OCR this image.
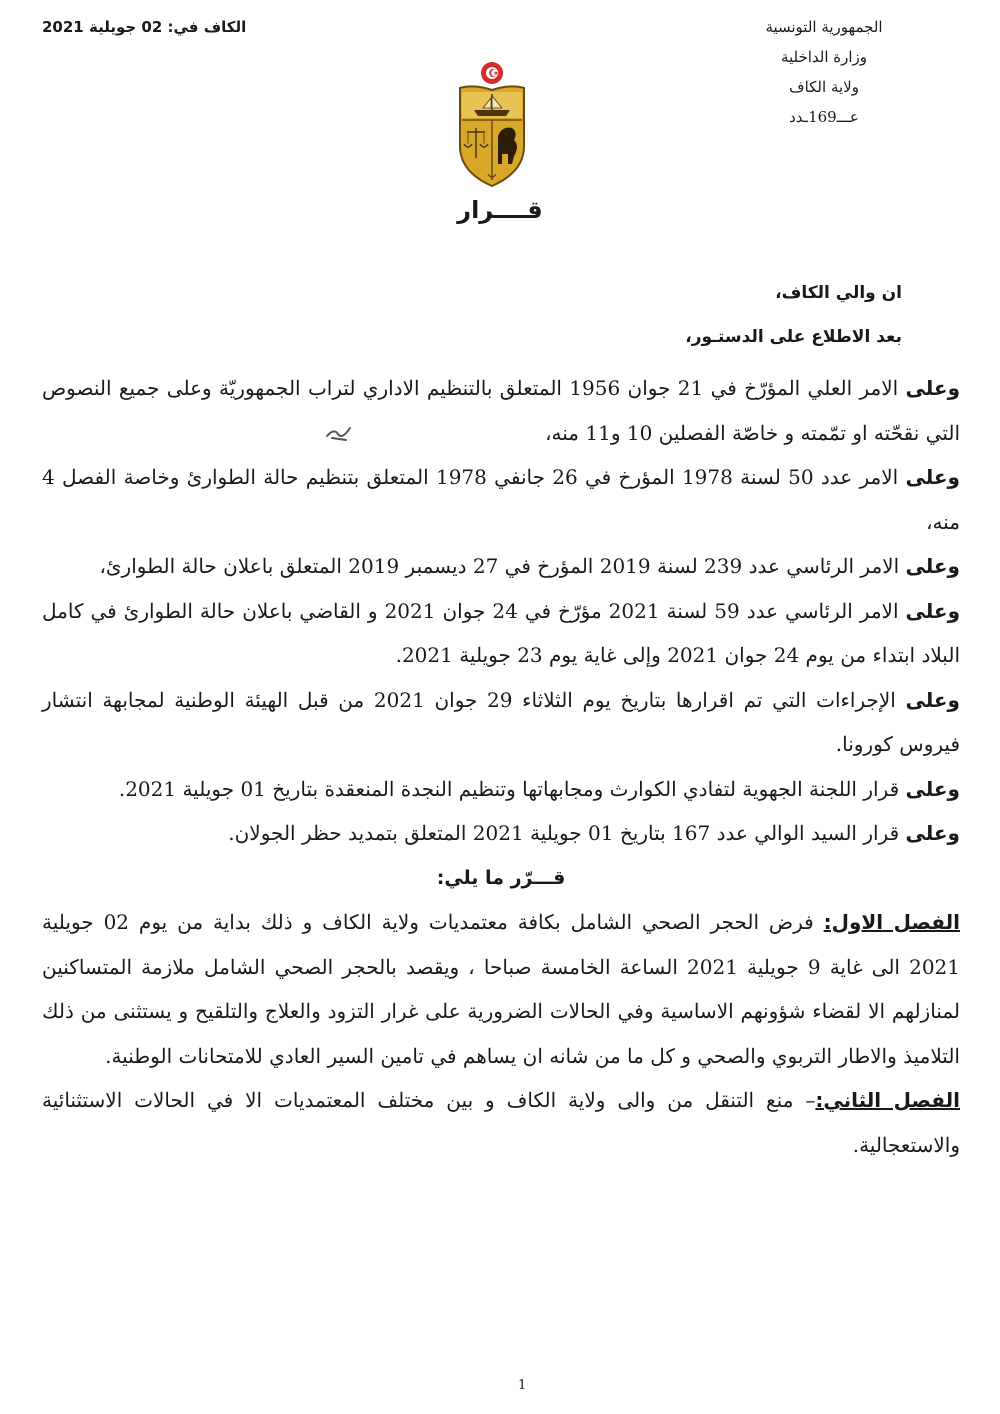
الجمهورية التونسية
وزارة الداخلية
ولاية الكاف
عـــ169ـدد
الكاف في: 02 جويلية 2021
قــــرار
ان والي الكاف،
بعد الاطلاع على الدستـور،

وعلى الامر العلي المؤرّخ في 21 جوان 1956 المتعلق بالتنظيم الاداري لتراب الجمهوريّة وعلى جميع النصوص التي نقحّته او تمّمته و خاصّة الفصلين 10 و11 منه،

وعلى الامر عدد 50 لسنة 1978 المؤرخ في 26 جانفي 1978 المتعلق بتنظيم حالة الطوارئ وخاصة الفصل 4 منه،

وعلى الامر الرئاسي عدد 239 لسنة 2019 المؤرخ في 27 ديسمبر 2019 المتعلق باعلان حالة الطوارئ،

وعلى الامر الرئاسي عدد 59 لسنة 2021 مؤرّخ في 24 جوان 2021 و القاضي باعلان حالة الطوارئ في كامل البلاد ابتداء من يوم 24 جوان 2021 وإلى غاية يوم 23 جويلية 2021.

وعلى الإجراءات التي تم اقرارها بتاريخ يوم الثلاثاء 29 جوان 2021 من قبل الهيئة الوطنية لمجابهة انتشار فيروس كورونا.

وعلى قرار اللجنة الجهوية لتفادي الكوارث ومجابهاتها وتنظيم النجدة المنعقدة بتاريخ 01 جويلية 2021.

وعلى قرار السيد الوالي عدد 167 بتاريخ 01 جويلية 2021 المتعلق بتمديد حظر الجولان.

قـــرّر ما يلي:

الفصل الاول: فرض الحجر الصحي الشامل بكافة معتمديات ولاية الكاف و ذلك بداية من يوم 02 جويلية 2021 الى غاية 9 جويلية 2021 الساعة الخامسة صباحا ، ويقصد بالحجر الصحي الشامل ملازمة المتساكنين لمنازلهم الا لقضاء شؤونهم الاساسية وفي الحالات الضرورية على غرار التزود والعلاج والتلقيح و يستثنى من ذلك التلاميذ والاطار التربوي والصحي و كل ما من شانه ان يساهم في تامين السير العادي للامتحانات الوطنية.

الفصل الثاني:– منع التنقل من والى ولاية الكاف و بين مختلف المعتمديات الا في الحالات الاستثنائية والاستعجالية.

1
